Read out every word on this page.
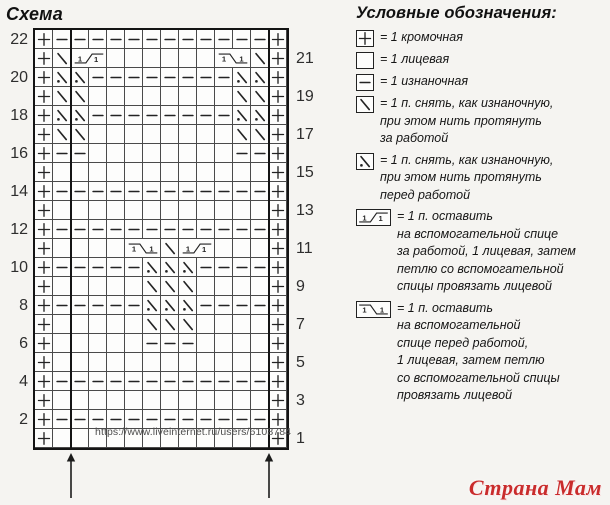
Схема
22
20
18
16
14
12
10
8
6
4
2
1 1	1 1
1 1	1 1
21
19
17
15
13
11
9
7
5
3
1
https://www.liveinternet.ru/users/6108784
Условные обозначения:
= 1 кромочная
= 1 лицевая
= 1 изнаночная
= 1 п. снять, как изнаночную,
при этом нить протянуть
за работой
= 1 п. снять, как изнаночную,
при этом нить протянуть
перед работой
1 1 = 1 п. оставить
на вспомогательной спице
за работой, 1 лицевая, затем
петлю со вспомогательной
спицы провязать лицевой
1 1 = 1 п. оставить
на вспомогательной
спице перед работой,
1 лицевая, затем петлю
со вспомогательной спицы
провязать лицевой
Страна Мам
